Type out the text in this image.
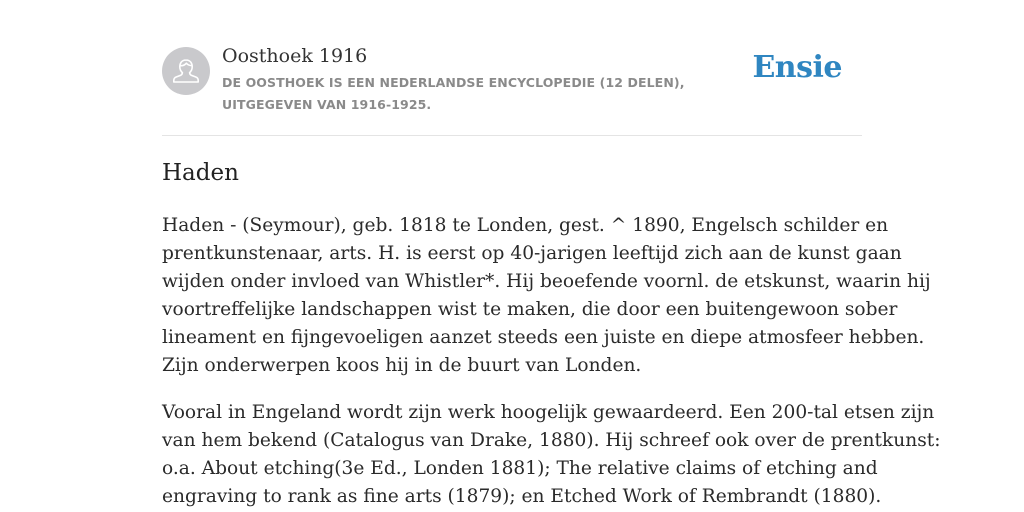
Oosthoek 1916
DE OOSTHOEK IS EEN NEDERLANDSE ENCYCLOPEDIE (12 DELEN), UITGEGEVEN VAN 1916-1925.
Ensie
Haden

Haden - (Seymour), geb. 1818 te Londen, gest. ^ 1890, Engelsch schilder en
prentkunstenaar, arts. H. is eerst op 40-jarigen leeftijd zich aan de kunst gaan
wijden onder invloed van Whistler*. Hij beoefende voornl. de etskunst, waarin hij
voortreffelijke landschappen wist te maken, die door een buitengewoon sober
lineament en fijngevoeligen aanzet steeds een juiste en diepe atmosfeer hebben.
Zijn onderwerpen koos hij in de buurt van Londen.

Vooral in Engeland wordt zijn werk hoogelijk gewaardeerd. Een 200-tal etsen zijn
van hem bekend (Catalogus van Drake, 1880). Hij schreef ook over de prentkunst:
o.a. About etching(3e Ed., Londen 1881); The relative claims of etching and
engraving to rank as fine arts (1879); en Etched Work of Rembrandt (1880).
